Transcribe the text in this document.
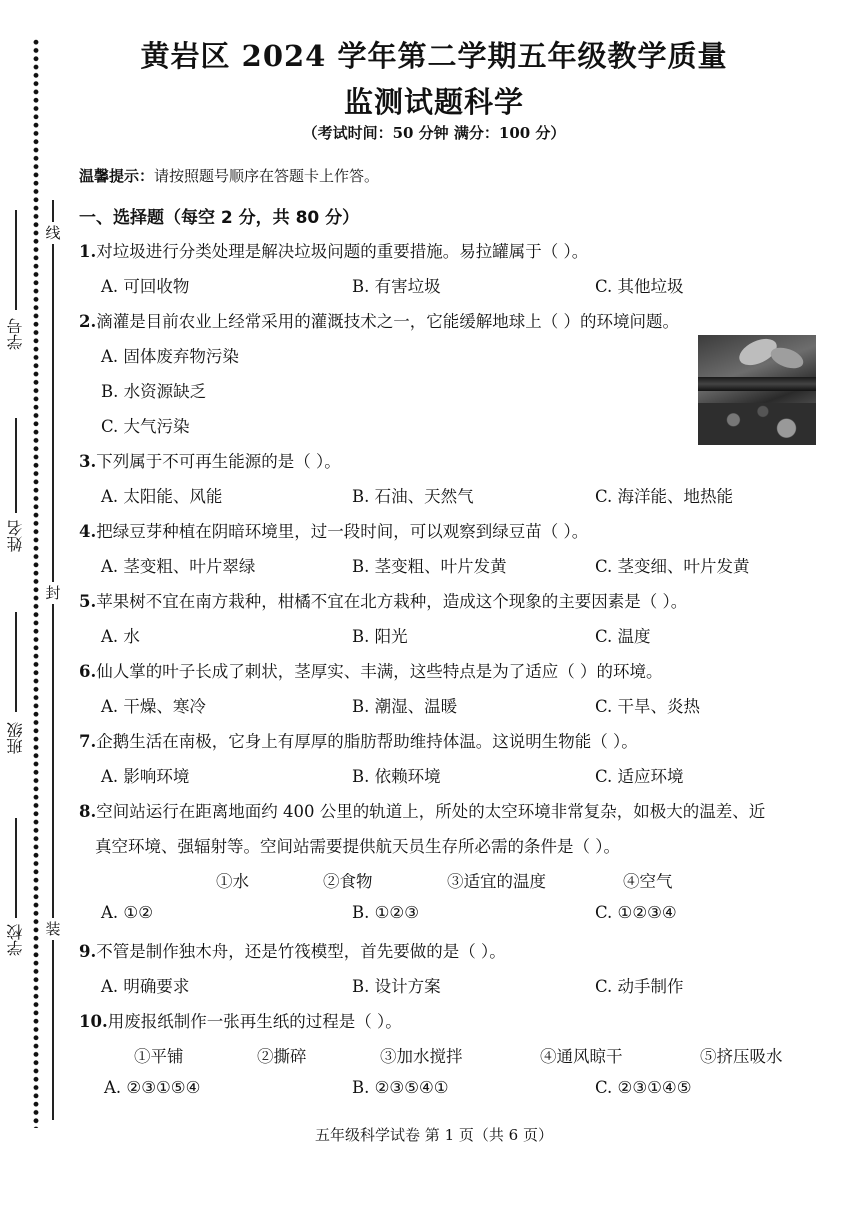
线
封
装
学号
姓名
班级
学校
黄岩区 2024 学年第二学期五年级教学质量
监测试题科学
（考试时间：50 分钟 满分：100 分）
温馨提示：请按照题号顺序在答题卡上作答。
一、选择题（每空 2 分，共 80 分）
1.对垃圾进行分类处理是解决垃圾问题的重要措施。易拉罐属于（ ）。
A. 可回收物	B. 有害垃圾	C. 其他垃圾
2.滴灌是目前农业上经常采用的灌溉技术之一，它能缓解地球上（ ）的环境问题。
A. 固体废弃物污染
B. 水资源缺乏
C. 大气污染
3.下列属于不可再生能源的是（ ）。
A. 太阳能、风能	B. 石油、天然气	C. 海洋能、地热能
4.把绿豆芽种植在阴暗环境里，过一段时间，可以观察到绿豆苗（ ）。
A. 茎变粗、叶片翠绿	B. 茎变粗、叶片发黄	C. 茎变细、叶片发黄
5.苹果树不宜在南方栽种，柑橘不宜在北方栽种，造成这个现象的主要因素是（ ）。
A. 水	B. 阳光	C. 温度
6.仙人掌的叶子长成了刺状，茎厚实、丰满，这些特点是为了适应（ ）的环境。
A. 干燥、寒冷	B. 潮湿、温暖	C. 干旱、炎热
7.企鹅生活在南极，它身上有厚厚的脂肪帮助维持体温。这说明生物能（ ）。
A. 影响环境	B. 依赖环境	C. 适应环境
8.空间站运行在距离地面约 400 公里的轨道上，所处的太空环境非常复杂，如极大的温差、近
真空环境、强辐射等。空间站需要提供航天员生存所必需的条件是（ ）。
①水	②食物	③适宜的温度	④空气
A. ①②	B. ①②③	C. ①②③④
9.不管是制作独木舟，还是竹筏模型，首先要做的是（ ）。
A. 明确要求	B. 设计方案	C. 动手制作
10.用废报纸制作一张再生纸的过程是（ ）。
①平铺	②撕碎	③加水搅拌	④通风晾干	⑤挤压吸水
A. ②③①⑤④	B. ②③⑤④①	C. ②③①④⑤
五年级科学试卷 第 1 页（共 6 页）
